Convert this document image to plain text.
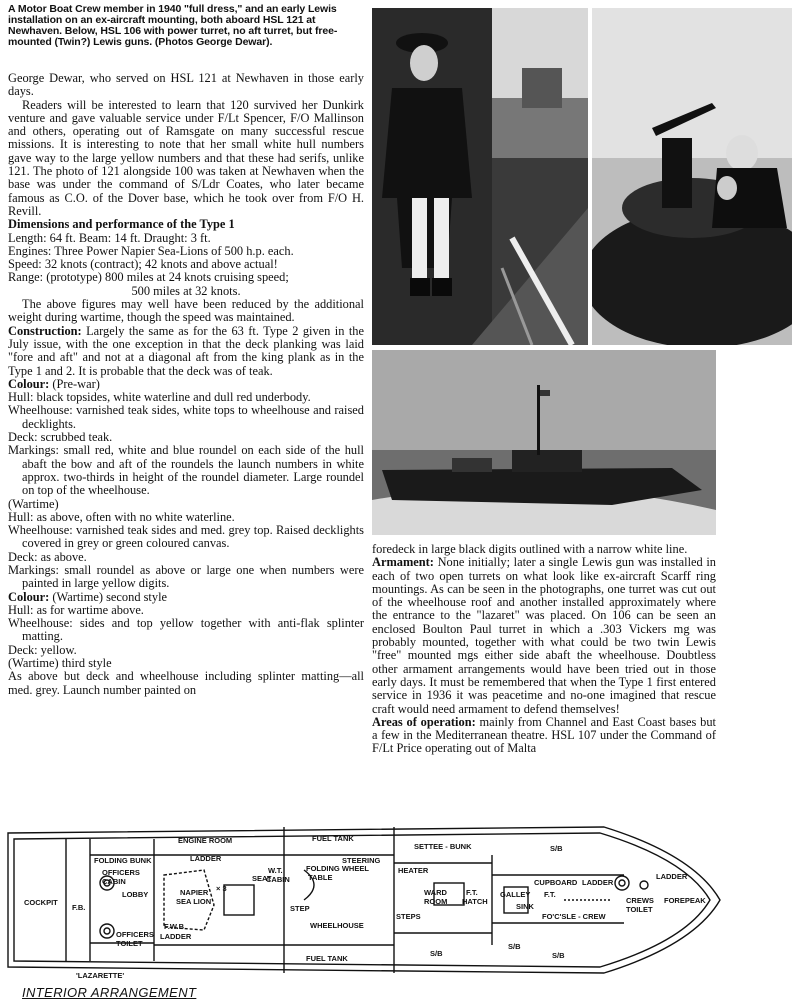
A Motor Boat Crew member in 1940 "full dress," and an early Lewis installation on an ex-aircraft mounting, both aboard HSL 121 at Newhaven. Below, HSL 106 with power turret, no aft turret, but free-mounted (Twin?) Lewis guns. (Photos George Dewar).

George Dewar, who served on HSL 121 at Newhaven in those early days.

Readers will be interested to learn that 120 survived her Dunkirk venture and gave valuable service under F/Lt Spencer, F/O Mallinson and others, operating out of Ramsgate on many successful rescue missions. It is interesting to note that her small white hull numbers gave way to the large yellow numbers and that these had serifs, unlike 121. The photo of 121 alongside 100 was taken at Newhaven when the base was under the command of S/Ldr Coates, who later became famous as C.O. of the Dover base, which he took over from F/O H. Revill.

Dimensions and performance of the Type 1

Length: 64 ft. Beam: 14 ft. Draught: 3 ft.

Engines: Three Power Napier Sea-Lions of 500 h.p. each.

Speed: 32 knots (contract); 42 knots and above actual!

Range: (prototype) 800 miles at 24 knots cruising speed;

500 miles at 32 knots.

The above figures may well have been reduced by the additional weight during wartime, though the speed was maintained.

Construction: Largely the same as for the 63 ft. Type 2 given in the July issue, with the one exception in that the deck planking was laid "fore and aft" and not at a diagonal aft from the king plank as in the Type 1 and 2. It is probable that the deck was of teak.

Colour: (Pre-war)

Hull: black topsides, white waterline and dull red underbody.

Wheelhouse: varnished teak sides, white tops to wheelhouse and raised decklights.

Deck: scrubbed teak.

Markings: small red, white and blue roundel on each side of the hull abaft the bow and aft of the roundels the launch numbers in white approx. two-thirds in height of the roundel diameter. Large roundel on top of the wheelhouse.

(Wartime)

Hull: as above, often with no white waterline.

Wheelhouse: varnished teak sides and med. grey top. Raised decklights covered in grey or green coloured canvas.

Deck: as above.

Markings: small roundel as above or large one when numbers were painted in large yellow digits.

Colour: (Wartime) second style

Hull: as for wartime above.

Wheelhouse: sides and top yellow together with anti-flak splinter matting.

Deck: yellow.

(Wartime) third style

As above but deck and wheelhouse including splinter matting—all med. grey. Launch number painted on

foredeck in large black digits outlined with a narrow white line.

Armament: None initially; later a single Lewis gun was installed in each of two open turrets on what look like ex-aircraft Scarff ring mountings. As can be seen in the photographs, one turret was cut out of the wheelhouse roof and another installed approximately where the entrance to the "lazaret" was placed. On 106 can be seen an enclosed Boulton Paul turret in which a .303 Vickers mg was probably mounted, together with what could be two twin Lewis "free" mounted mgs either side abaft the wheelhouse. Doubtless other armament arrangements would have been tried out in those early days. It must be remembered that when the Type 1 first entered service in 1936 it was peacetime and no-one imagined that rescue craft would need armament to defend themselves!

Areas of operation: mainly from Channel and East Coast bases but a few in the Mediterranean theatre. HSL 107 under the Command of F/Lt Price operating out of Malta

COCKPIT
F.B.
FOLDING BUNK	LADDER
OFFICERS
CABIN
LOBBY
ENGINE ROOM
NAPIER
SEA LION
× 3
F.W.B
OFFICERS
TOILET
LADDER
'LAZARETTE'
SEAT
W.T.
CABIN
STEP
FUEL TANK
FOLDING WHEEL
TABLE
STEERING
WHEELHOUSE
FUEL TANK
HEATER
SETTEE - BUNK
WARD
ROOM
F.T.
HATCH
STEPS
S/B
S/B
GALLEY
SINK
CUPBOARD
F.T.
LADDER
CREWS
TOILET
FO'C'SLE - CREW
S/B
S/B
LADDER
FOREPEAK
INTERIOR ARRANGEMENT
